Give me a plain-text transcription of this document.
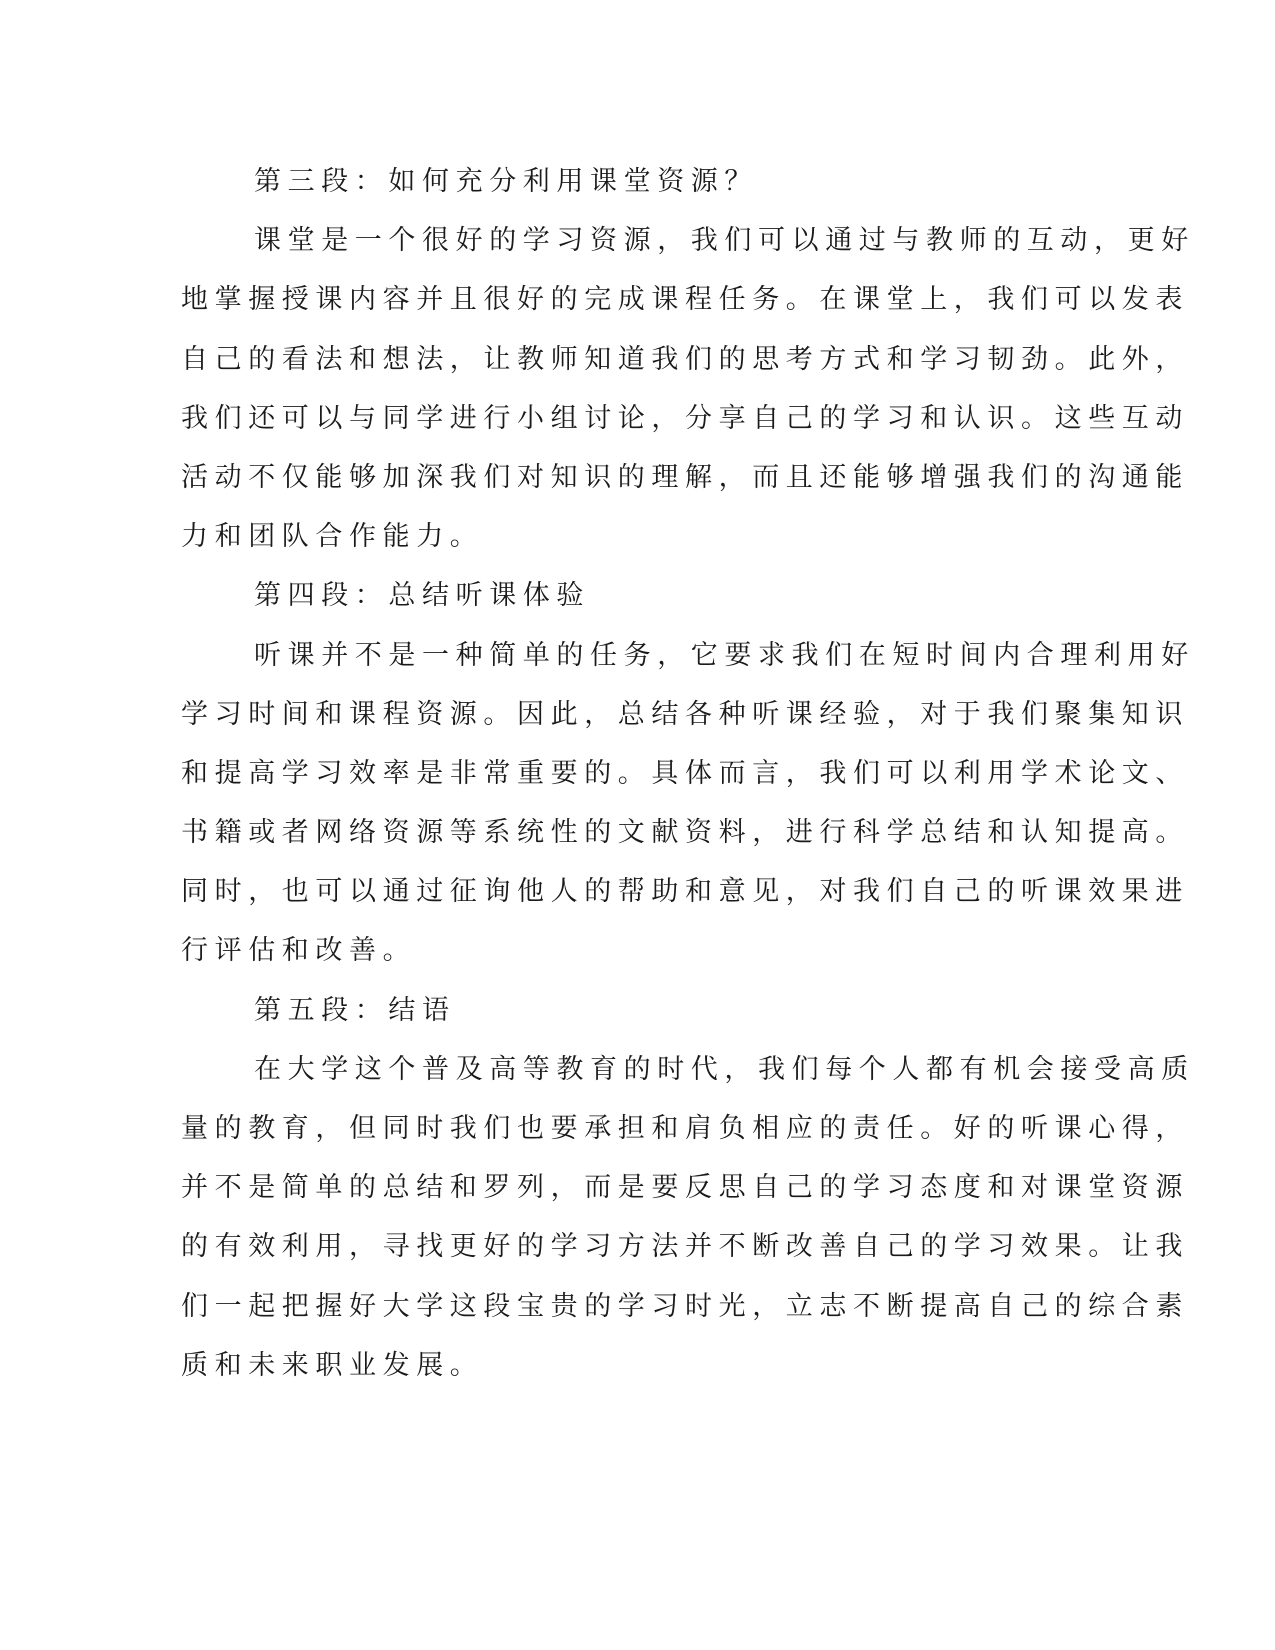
第三段：如何充分利用课堂资源？
课堂是一个很好的学习资源，我们可以通过与教师的互动，更好
地掌握授课内容并且很好的完成课程任务。在课堂上，我们可以发表
自己的看法和想法，让教师知道我们的思考方式和学习韧劲。此外，
我们还可以与同学进行小组讨论，分享自己的学习和认识。这些互动
活动不仅能够加深我们对知识的理解，而且还能够增强我们的沟通能
力和团队合作能力。
第四段：总结听课体验
听课并不是一种简单的任务，它要求我们在短时间内合理利用好
学习时间和课程资源。因此，总结各种听课经验，对于我们聚集知识
和提高学习效率是非常重要的。具体而言，我们可以利用学术论文、
书籍或者网络资源等系统性的文献资料，进行科学总结和认知提高。
同时，也可以通过征询他人的帮助和意见，对我们自己的听课效果进
行评估和改善。
第五段：结语
在大学这个普及高等教育的时代，我们每个人都有机会接受高质
量的教育，但同时我们也要承担和肩负相应的责任。好的听课心得，
并不是简单的总结和罗列，而是要反思自己的学习态度和对课堂资源
的有效利用，寻找更好的学习方法并不断改善自己的学习效果。让我
们一起把握好大学这段宝贵的学习时光，立志不断提高自己的综合素
质和未来职业发展。
